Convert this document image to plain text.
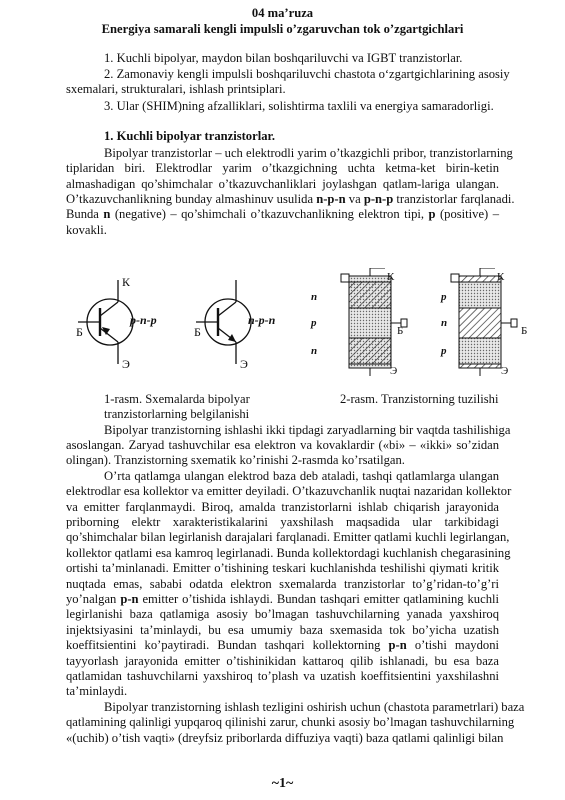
04 ma’ruza
Energiya samarali kengli impulsli o’zgaruvchan tok o’zgartgichlari
1. Kuchli bipolyar, maydon bilan boshqariluvchi va IGBT tranzistorlar.
2. Zamonaviy kengli impulsli boshqariluvchi chastota o‘zgartgichlarining asosiy
sxemalari, strukturalari, ishlash printsiplari.
3. Ular (SHIM)ning afzalliklari, solishtirma taxlili va energiya samaradorligi.
1. Kuchli bipolyar tranzistorlar.
Bipolyar tranzistorlar – uch elektrodli yarim o’tkazgichli pribor, tranzistorlarning
tiplaridan biri. Elektrodlar yarim o’tkazgichning uchta ketma-ket birin-ketin
almashadigan qo’shimchalar o’tkazuvchanliklari joylashgan qatlam-lariga ulangan.
O’tkazuvchanlikning bunday almashinuv usulida n-p-n va p-n-p tranzistorlar farqlanadi.
Bunda n (negative) – qo’shimchali o’tkazuvchanlikning elektron tipi, p (positive) –
kovakli.
К
Б
Э
p-n-p
Б
Э
n-p-n
К
Б
Э
n
p
n
К
Б
Э
p
n
p
1-rasm. Sxemalarda bipolyar
tranzistorlarning belgilanishi
2-rasm. Tranzistorning tuzilishi
Bipolyar tranzistorning ishlashi ikki tipdagi zaryadlarning bir vaqtda tashilishiga
asoslangan. Zaryad tashuvchilar esa elektron va kovaklardir («bi» – «ikki» so’zidan
olingan). Tranzistorning sxematik ko’rinishi 2-rasmda ko’rsatilgan.
O’rta qatlamga ulangan elektrod baza deb ataladi, tashqi qatlamlarga ulangan
elektrodlar esa kollektor va emitter deyiladi. O’tkazuvchanlik nuqtai nazaridan kollektor
va emitter farqlanmaydi. Biroq, amalda tranzistorlarni ishlab chiqarish jarayonida
priborning elektr xarakteristikalarini yaxshilash maqsadida ular tarkibidagi
qo’shimchalar bilan legirlanish darajalari farqlanadi. Emitter qatlami kuchli legirlangan,
kollektor qatlami esa kamroq legirlanadi. Bunda kollektordagi kuchlanish chegarasining
ortishi ta’minlanadi. Emitter o’tishining teskari kuchlanishda teshilishi qiymati kritik
nuqtada emas, sababi odatda elektron sxemalarda tranzistorlar to’g’ridan-to’g’ri
yo’nalgan p-n emitter o’tishida ishlaydi. Bundan tashqari emitter qatlamining kuchli
legirlanishi baza qatlamiga asosiy bo’lmagan tashuvchilarning yanada yaxshiroq
injektsiyasini ta’minlaydi, bu esa umumiy baza sxemasida tok bo’yicha uzatish
koeffitsientini ko’paytiradi. Bundan tashqari kollektorning p-n o’tishi maydoni
tayyorlash jarayonida emitter o’tishinikidan kattaroq qilib ishlanadi, bu esa baza
qatlamidan tashuvchilarni yaxshiroq to’plash va uzatish koeffitsientini yaxshilashni
ta’minlaydi.
Bipolyar tranzistorning ishlash tezligini oshirish uchun (chastota parametrlari) baza
qatlamining qalinligi yupqaroq qilinishi zarur, chunki asosiy bo’lmagan tashuvchilarning
«(uchib) o’tish vaqti» (dreyfsiz priborlarda diffuziya vaqti) baza qatlami qalinligi bilan
~1~
